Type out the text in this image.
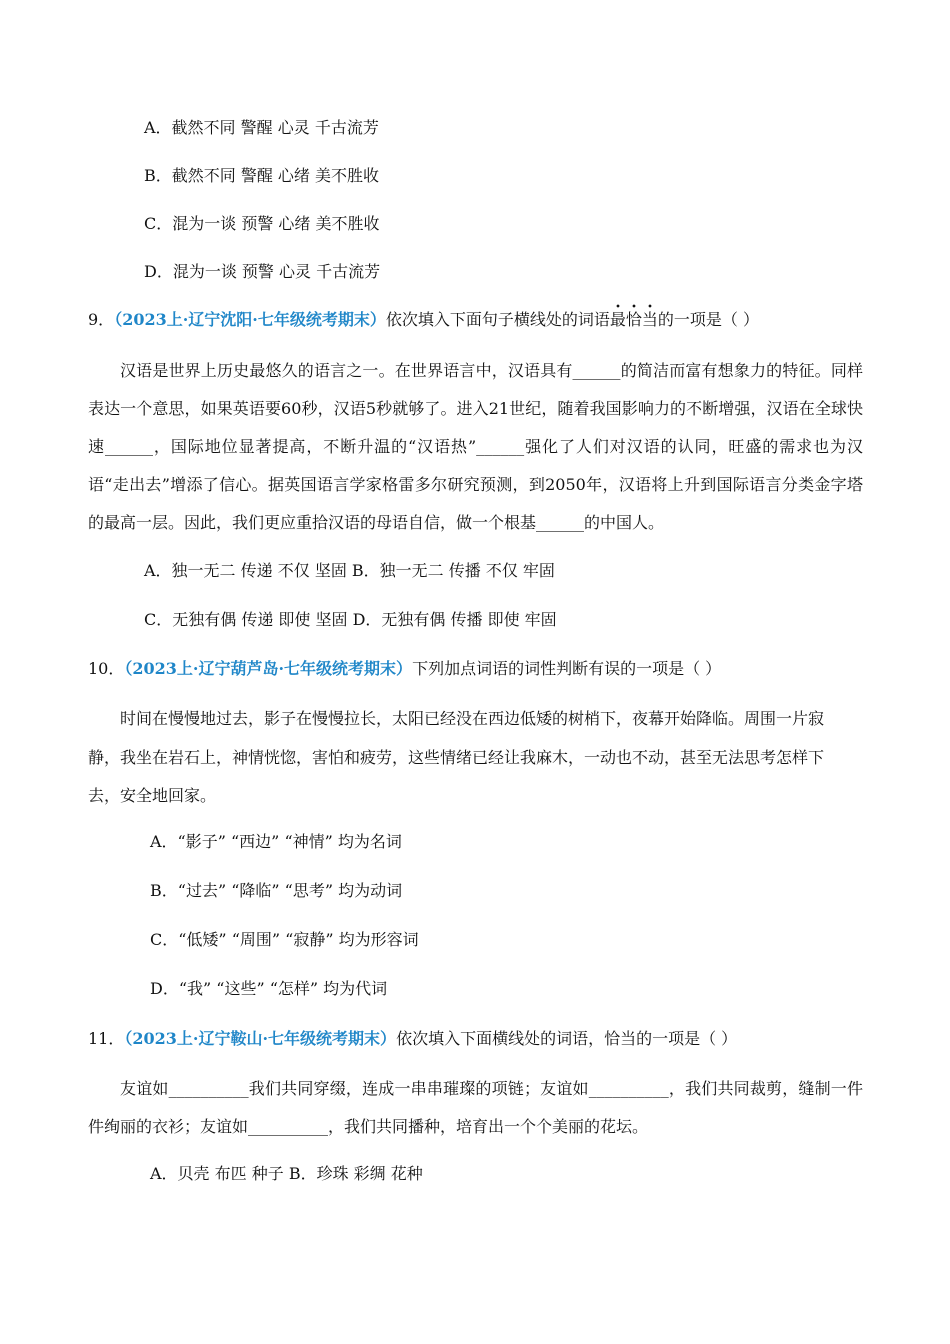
A．截然不同 警醒 心灵 千古流芳
B．截然不同 警醒 心绪 美不胜收
C．混为一谈 预警 心绪 美不胜收
D．混为一谈 预警 心灵 千古流芳
9．（2023上·辽宁沈阳·七年级统考期末）依次填入下面句子横线处的词语最恰当的一项是（ ）
汉语是世界上历史最悠久的语言之一。在世界语言中，汉语具有______的简洁而富有想象力的特征。同样表达一个意思，如果英语要60秒，汉语5秒就够了。进入21世纪，随着我国影响力的不断增强，汉语在全球快速______，国际地位显著提高，不断升温的“汉语热”______强化了人们对汉语的认同，旺盛的需求也为汉语“走出去”增添了信心。据英国语言学家格雷多尔研究预测，到2050年，汉语将上升到国际语言分类金字塔的最高一层。因此，我们更应重拾汉语的母语自信，做一个根基______的中国人。
A．独一无二 传递 不仅 坚固 B．独一无二 传播 不仅 牢固
C．无独有偶 传递 即使 坚固 D．无独有偶 传播 即使 牢固
10．（2023上·辽宁葫芦岛·七年级统考期末）下列加点词语的词性判断有误的一项是（ ）
时间在慢慢地过去，影子在慢慢拉长，太阳已经没在西边低矮的树梢下，夜幕开始降临。周围一片寂
静，我坐在岩石上，神情恍惚，害怕和疲劳，这些情绪已经让我麻木，一动也不动，甚至无法思考怎样下
去，安全地回家。
A．“影子” “西边” “神情” 均为名词
B．“过去” “降临” “思考” 均为动词
C．“低矮” “周围” “寂静” 均为形容词
D．“我” “这些” “怎样” 均为代词
11．（2023上·辽宁鞍山·七年级统考期末）依次填入下面横线处的词语，恰当的一项是（ ）
友谊如__________我们共同穿缀，连成一串串璀璨的项链；友谊如__________，我们共同裁剪，缝制一件件绚丽的衣衫；友谊如__________，我们共同播种，培育出一个个美丽的花坛。
A．贝壳 布匹 种子 B．珍珠 彩绸 花种
